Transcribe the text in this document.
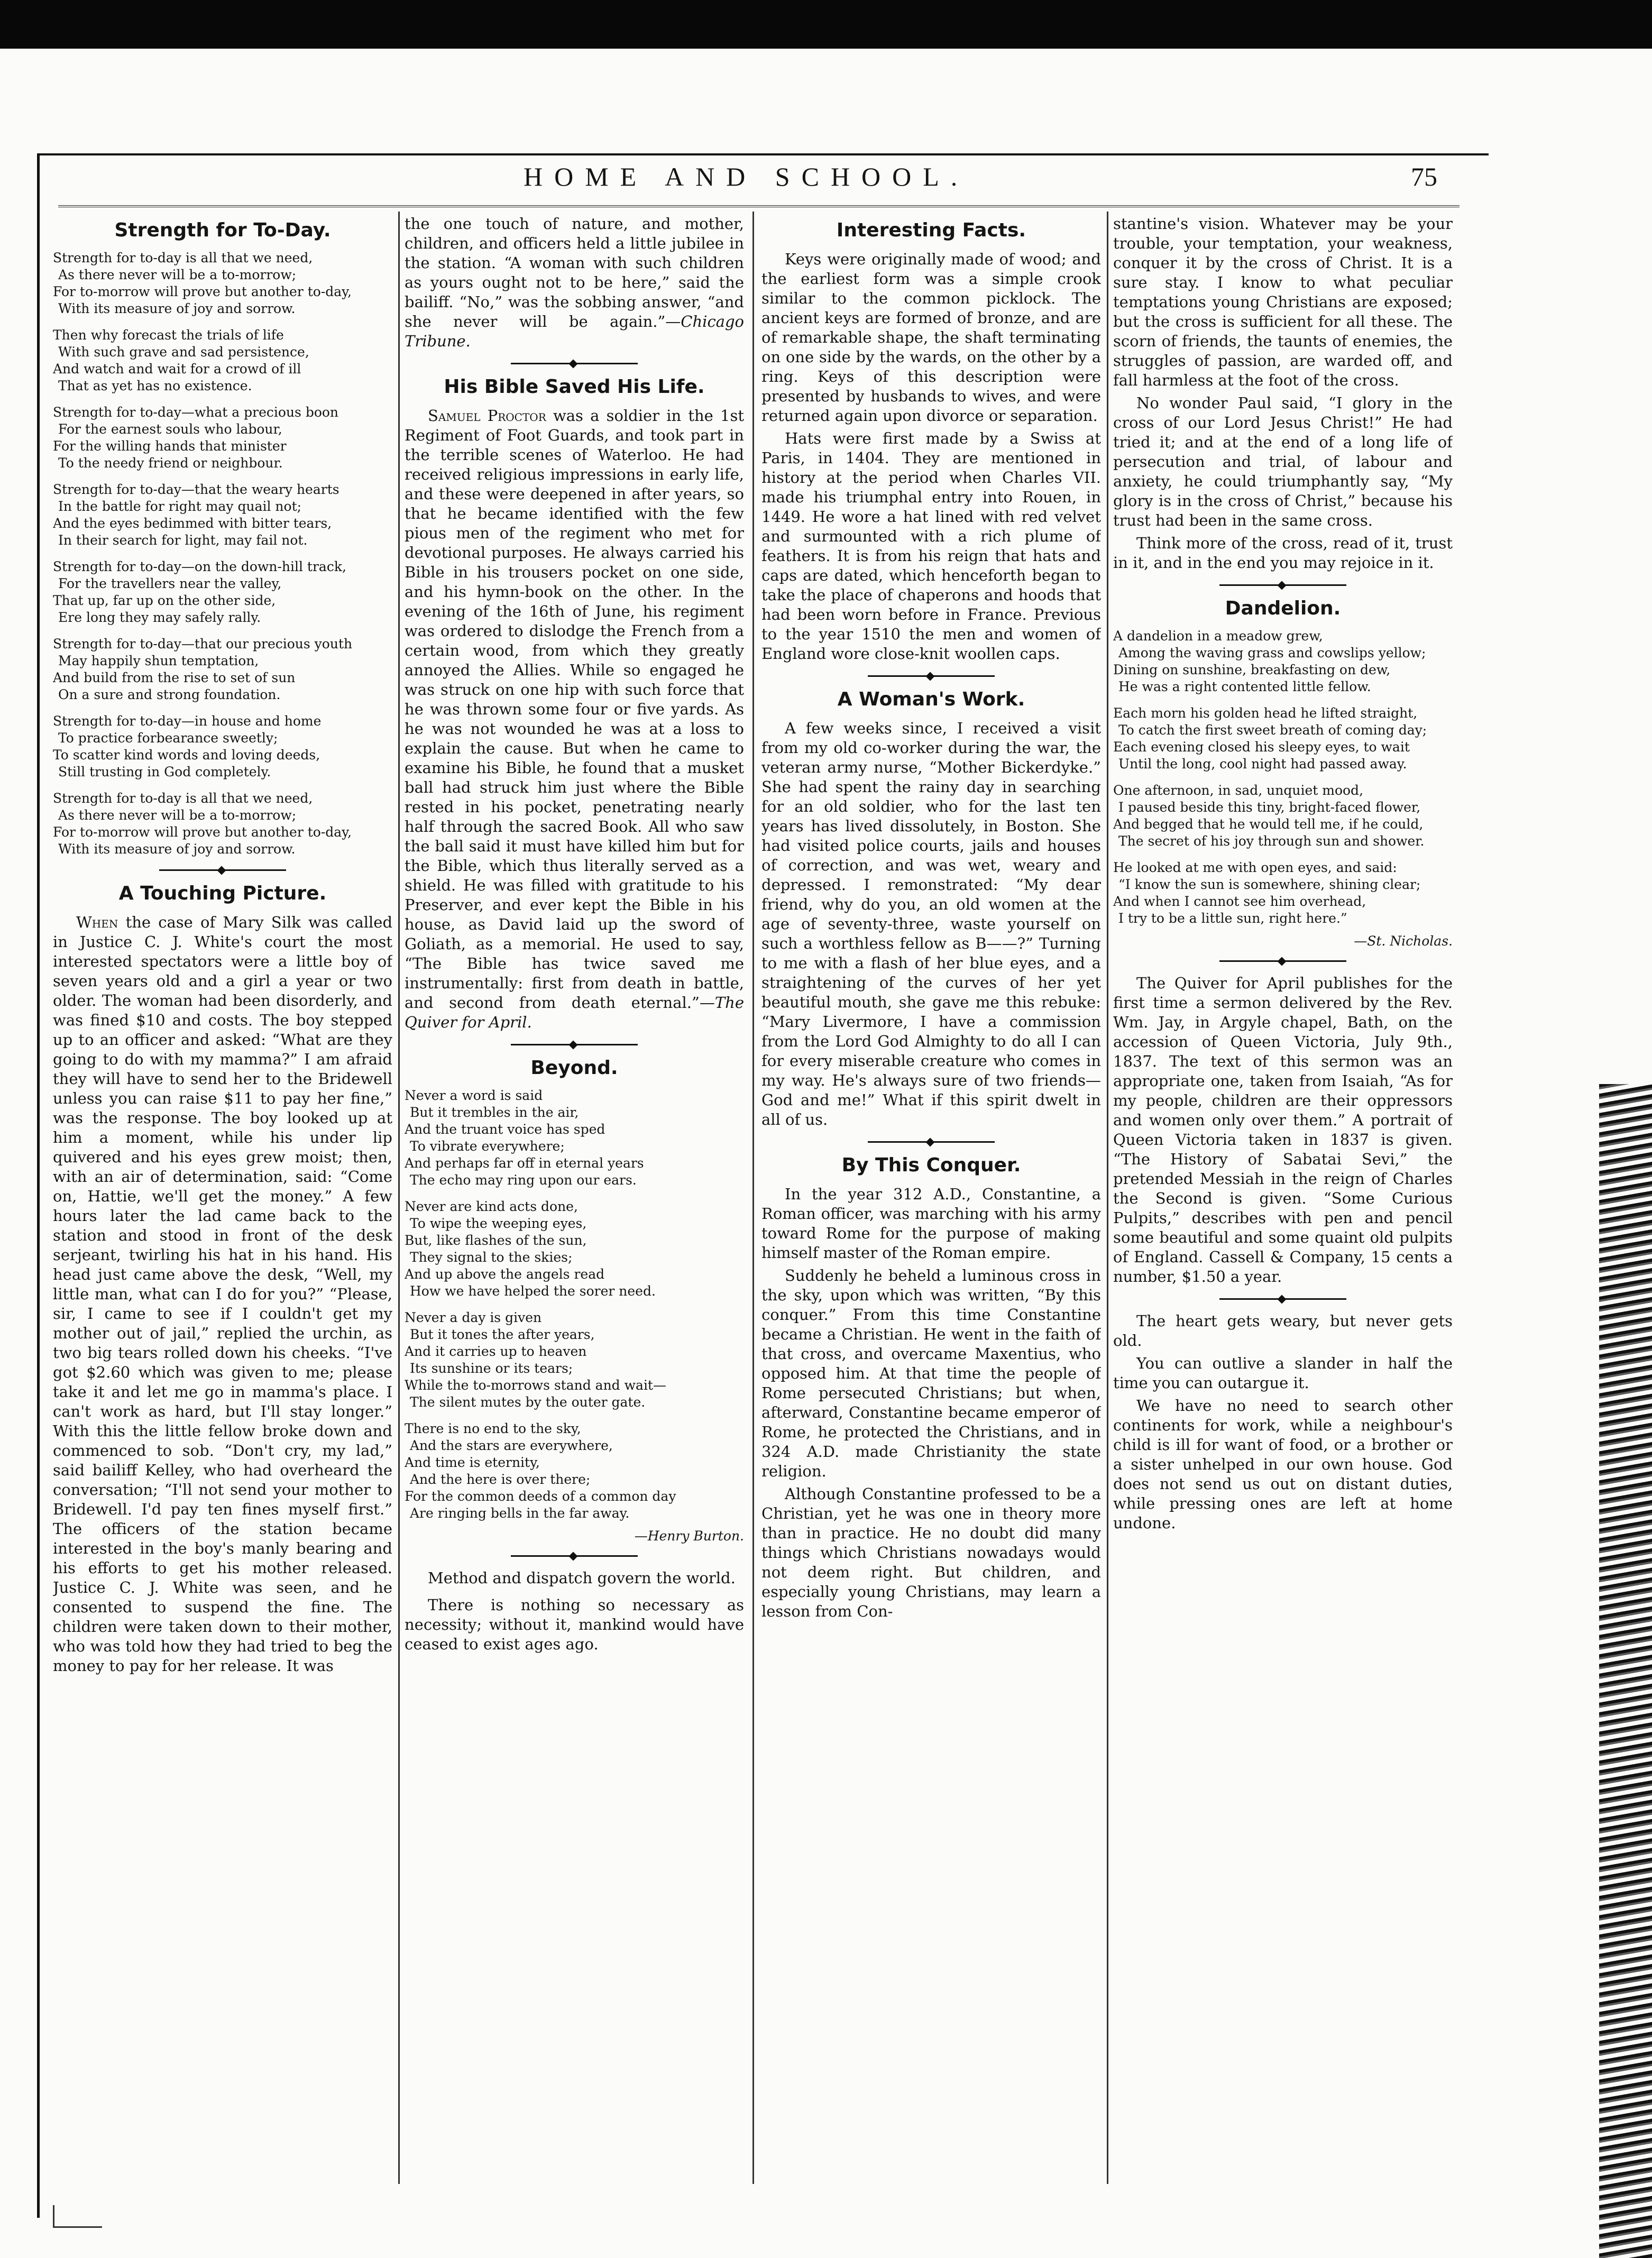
HOME AND SCHOOL.	75
Strength for To-Day.
Strength for to-day is all that we need,
As there never will be a to-morrow;
For to-morrow will prove but another to-day,
With its measure of joy and sorrow.
Then why forecast the trials of life
With such grave and sad persistence,
And watch and wait for a crowd of ill
That as yet has no existence.
Strength for to-day—what a precious boon
For the earnest souls who labour,
For the willing hands that minister
To the needy friend or neighbour.
Strength for to-day—that the weary hearts
In the battle for right may quail not;
And the eyes bedimmed with bitter tears,
In their search for light, may fail not.
Strength for to-day—on the down-hill track,
For the travellers near the valley,
That up, far up on the other side,
Ere long they may safely rally.
Strength for to-day—that our precious youth
May happily shun temptation,
And build from the rise to set of sun
On a sure and strong foundation.
Strength for to-day—in house and home
To practice forbearance sweetly;
To scatter kind words and loving deeds,
Still trusting in God completely.
Strength for to-day is all that we need,
As there never will be a to-morrow;
For to-morrow will prove but another to-day,
With its measure of joy and sorrow.
A Touching Picture.

When the case of Mary Silk was called in Justice C. J. White's court the most interested spectators were a little boy of seven years old and a girl a year or two older. The woman had been disorderly, and was fined $10 and costs. The boy stepped up to an officer and asked: “What are they going to do with my mamma?” I am afraid they will have to send her to the Bridewell unless you can raise $11 to pay her fine,” was the response. The boy looked up at him a moment, while his under lip quivered and his eyes grew moist; then, with an air of determination, said: “Come on, Hattie, we'll get the money.” A few hours later the lad came back to the station and stood in front of the desk serjeant, twirling his hat in his hand. His head just came above the desk, “Well, my little man, what can I do for you?” “Please, sir, I came to see if I couldn't get my mother out of jail,” replied the urchin, as two big tears rolled down his cheeks. “I've got $2.60 which was given to me; please take it and let me go in mamma's place. I can't work as hard, but I'll stay longer.” With this the little fellow broke down and commenced to sob. “Don't cry, my lad,” said bailiff Kelley, who had overheard the conversation; “I'll not send your mother to Bridewell. I'd pay ten fines myself first.” The officers of the station became interested in the boy's manly bearing and his efforts to get his mother released. Justice C. J. White was seen, and he consented to suspend the fine. The children were taken down to their mother, who was told how they had tried to beg the money to pay for her release. It was

the one touch of nature, and mother, children, and officers held a little jubilee in the station. “A woman with such children as yours ought not to be here,” said the bailiff. “No,” was the sobbing answer, “and she never will be again.”—Chicago Tribune.

His Bible Saved His Life.

Samuel Proctor was a soldier in the 1st Regiment of Foot Guards, and took part in the terrible scenes of Waterloo. He had received religious impressions in early life, and these were deepened in after years, so that he became identified with the few pious men of the regiment who met for devotional purposes. He always carried his Bible in his trousers pocket on one side, and his hymn-book on the other. In the evening of the 16th of June, his regiment was ordered to dislodge the French from a certain wood, from which they greatly annoyed the Allies. While so engaged he was struck on one hip with such force that he was thrown some four or five yards. As he was not wounded he was at a loss to explain the cause. But when he came to examine his Bible, he found that a musket ball had struck him just where the Bible rested in his pocket, penetrating nearly half through the sacred Book. All who saw the ball said it must have killed him but for the Bible, which thus literally served as a shield. He was filled with gratitude to his Preserver, and ever kept the Bible in his house, as David laid up the sword of Goliath, as a memorial. He used to say, “The Bible has twice saved me instrumentally: first from death in battle, and second from death eternal.”—The Quiver for April.

Beyond.
Never a word is said
But it trembles in the air,
And the truant voice has sped
To vibrate everywhere;
And perhaps far off in eternal years
The echo may ring upon our ears.
Never are kind acts done,
To wipe the weeping eyes,
But, like flashes of the sun,
They signal to the skies;
And up above the angels read
How we have helped the sorer need.
Never a day is given
But it tones the after years,
And it carries up to heaven
Its sunshine or its tears;
While the to-morrows stand and wait—
The silent mutes by the outer gate.
There is no end to the sky,
And the stars are everywhere,
And time is eternity,
And the here is over there;
For the common deeds of a common day
Are ringing bells in the far away.
—Henry Burton.

Method and dispatch govern the world.

There is nothing so necessary as necessity; without it, mankind would have ceased to exist ages ago.

Interesting Facts.

Keys were originally made of wood; and the earliest form was a simple crook similar to the common picklock. The ancient keys are formed of bronze, and are of remarkable shape, the shaft terminating on one side by the wards, on the other by a ring. Keys of this description were presented by husbands to wives, and were returned again upon divorce or separation.

Hats were first made by a Swiss at Paris, in 1404. They are mentioned in history at the period when Charles VII. made his triumphal entry into Rouen, in 1449. He wore a hat lined with red velvet and surmounted with a rich plume of feathers. It is from his reign that hats and caps are dated, which henceforth began to take the place of chaperons and hoods that had been worn before in France. Previous to the year 1510 the men and women of England wore close-knit woollen caps.

A Woman's Work.

A few weeks since, I received a visit from my old co-worker during the war, the veteran army nurse, “Mother Bickerdyke.” She had spent the rainy day in searching for an old soldier, who for the last ten years has lived dissolutely, in Boston. She had visited police courts, jails and houses of correction, and was wet, weary and depressed. I remonstrated: “My dear friend, why do you, an old women at the age of seventy-three, waste yourself on such a worthless fellow as B——?” Turning to me with a flash of her blue eyes, and a straightening of the curves of her yet beautiful mouth, she gave me this rebuke: “Mary Livermore, I have a commission from the Lord God Almighty to do all I can for every miserable creature who comes in my way. He's always sure of two friends—God and me!” What if this spirit dwelt in all of us.

By This Conquer.

In the year 312 A.D., Constantine, a Roman officer, was marching with his army toward Rome for the purpose of making himself master of the Roman empire.

Suddenly he beheld a luminous cross in the sky, upon which was written, “By this conquer.” From this time Constantine became a Christian. He went in the faith of that cross, and overcame Maxentius, who opposed him. At that time the people of Rome persecuted Christians; but when, afterward, Constantine became emperor of Rome, he protected the Christians, and in 324 A.D. made Christianity the state religion.

Although Constantine professed to be a Christian, yet he was one in theory more than in practice. He no doubt did many things which Christians nowadays would not deem right. But children, and especially young Christians, may learn a lesson from Con-

stantine's vision. Whatever may be your trouble, your temptation, your weakness, conquer it by the cross of Christ. It is a sure stay. I know to what peculiar temptations young Christians are exposed; but the cross is sufficient for all these. The scorn of friends, the taunts of enemies, the struggles of passion, are warded off, and fall harmless at the foot of the cross.

No wonder Paul said, “I glory in the cross of our Lord Jesus Christ!” He had tried it; and at the end of a long life of persecution and trial, of labour and anxiety, he could triumphantly say, “My glory is in the cross of Christ,” because his trust had been in the same cross.

Think more of the cross, read of it, trust in it, and in the end you may rejoice in it.

Dandelion.
A dandelion in a meadow grew,
Among the waving grass and cowslips yellow;
Dining on sunshine, breakfasting on dew,
He was a right contented little fellow.
Each morn his golden head he lifted straight,
To catch the first sweet breath of coming day;
Each evening closed his sleepy eyes, to wait
Until the long, cool night had passed away.
One afternoon, in sad, unquiet mood,
I paused beside this tiny, bright-faced flower,
And begged that he would tell me, if he could,
The secret of his joy through sun and shower.
He looked at me with open eyes, and said:
“I know the sun is somewhere, shining clear;
And when I cannot see him overhead,
I try to be a little sun, right here.”
—St. Nicholas.

The Quiver for April publishes for the first time a sermon delivered by the Rev. Wm. Jay, in Argyle chapel, Bath, on the accession of Queen Victoria, July 9th., 1837. The text of this sermon was an appropriate one, taken from Isaiah, “As for my people, children are their oppressors and women only over them.” A portrait of Queen Victoria taken in 1837 is given. “The History of Sabatai Sevi,” the pretended Messiah in the reign of Charles the Second is given. “Some Curious Pulpits,” describes with pen and pencil some beautiful and some quaint old pulpits of England. Cassell & Company, 15 cents a number, $1.50 a year.

The heart gets weary, but never gets old.

You can outlive a slander in half the time you can outargue it.

We have no need to search other continents for work, while a neighbour's child is ill for want of food, or a brother or a sister unhelped in our own house. God does not send us out on distant duties, while pressing ones are left at home undone.
